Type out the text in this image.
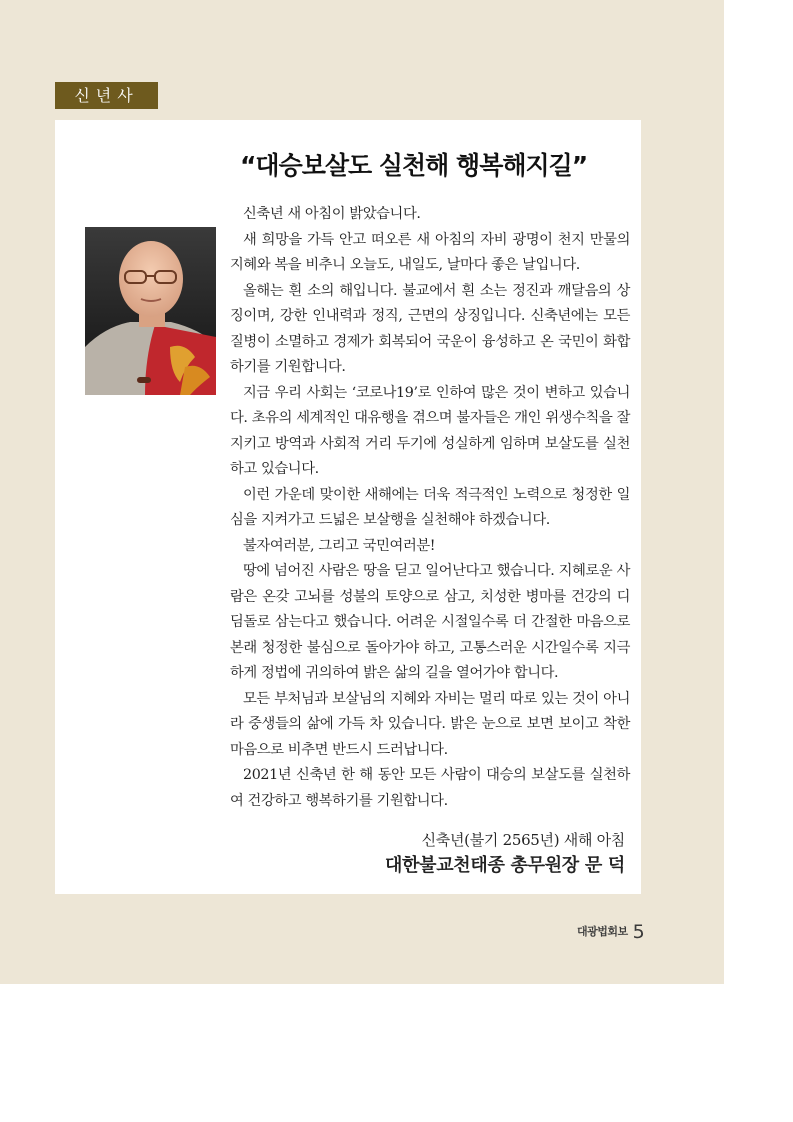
신년사
“대승보살도 실천해 행복해지길”

신축년 새 아침이 밝았습니다.

새 희망을 가득 안고 떠오른 새 아침의 자비 광명이 천지 만물의 지혜와 복을 비추니 오늘도, 내일도, 날마다 좋은 날입니다.

올해는 흰 소의 해입니다. 불교에서 흰 소는 정진과 깨달음의 상징이며, 강한 인내력과 정직, 근면의 상징입니다. 신축년에는 모든 질병이 소멸하고 경제가 회복되어 국운이 융성하고 온 국민이 화합하기를 기원합니다.

지금 우리 사회는 ‘코로나19’로 인하여 많은 것이 변하고 있습니다. 초유의 세계적인 대유행을 겪으며 불자들은 개인 위생수칙을 잘 지키고 방역과 사회적 거리 두기에 성실하게 임하며 보살도를 실천하고 있습니다.

이런 가운데 맞이한 새해에는 더욱 적극적인 노력으로 청정한 일심을 지켜가고 드넓은 보살행을 실천해야 하겠습니다.

불자여러분, 그리고 국민여러분!

땅에 넘어진 사람은 땅을 딛고 일어난다고 했습니다. 지혜로운 사람은 온갖 고뇌를 성불의 토양으로 삼고, 치성한 병마를 건강의 디딤돌로 삼는다고 했습니다. 어려운 시절일수록 더 간절한 마음으로 본래 청정한 불심으로 돌아가야 하고, 고통스러운 시간일수록 지극하게 정법에 귀의하여 밝은 삶의 길을 열어가야 합니다.

모든 부처님과 보살님의 지혜와 자비는 멀리 따로 있는 것이 아니라 중생들의 삶에 가득 차 있습니다. 밝은 눈으로 보면 보이고 착한 마음으로 비추면 반드시 드러납니다.

2021년 신축년 한 해 동안 모든 사람이 대승의 보살도를 실천하여 건강하고 행복하기를 기원합니다.

신축년(불기 2565년) 새해 아침
대한불교천태종 총무원장 문 덕
대광법회보 5
